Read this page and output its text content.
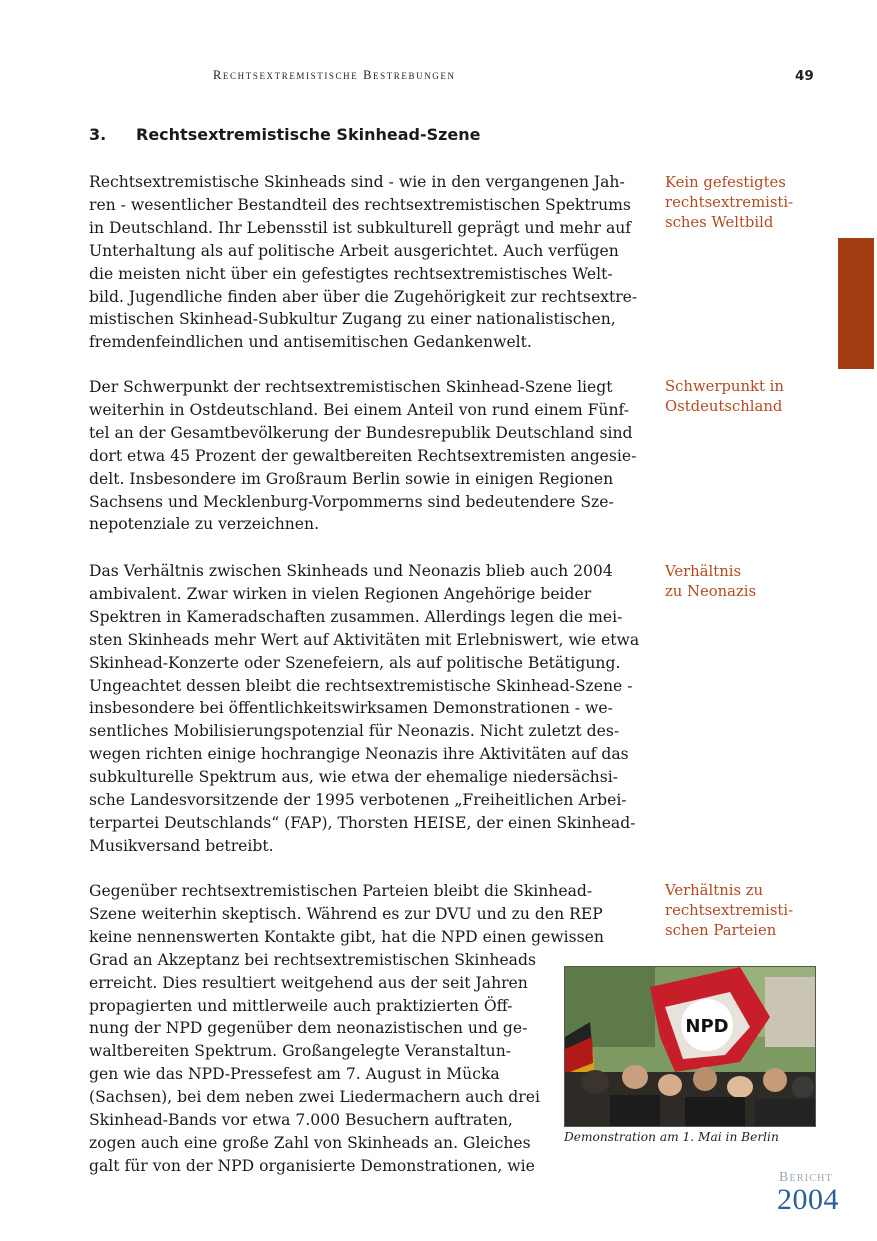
Rechtsextremistische Bestrebungen	49
3. Rechtsextremistische Skinhead-Szene

Rechtsextremistische Skinheads sind - wie in den vergangenen Jah-
ren - wesentlicher Bestandteil des rechtsextremistischen Spektrums
in Deutschland. Ihr Lebensstil ist subkulturell geprägt und mehr auf
Unterhaltung als auf politische Arbeit ausgerichtet. Auch verfügen
die meisten nicht über ein gefestigtes rechtsextremistisches Welt-
bild. Jugendliche finden aber über die Zugehörigkeit zur rechtsextre-
mistischen Skinhead-Subkultur Zugang zu einer nationalistischen,
fremdenfeindlichen und antisemitischen Gedankenwelt.

Der Schwerpunkt der rechtsextremistischen Skinhead-Szene liegt
weiterhin in Ostdeutschland. Bei einem Anteil von rund einem Fünf-
tel an der Gesamtbevölkerung der Bundesrepublik Deutschland sind
dort etwa 45 Prozent der gewaltbereiten Rechtsextremisten angesie-
delt. Insbesondere im Großraum Berlin sowie in einigen Regionen
Sachsens und Mecklenburg-Vorpommerns sind bedeutendere Sze-
nepotenziale zu verzeichnen.

Das Verhältnis zwischen Skinheads und Neonazis blieb auch 2004
ambivalent. Zwar wirken in vielen Regionen Angehörige beider
Spektren in Kameradschaften zusammen. Allerdings legen die mei-
sten Skinheads mehr Wert auf Aktivitäten mit Erlebniswert, wie etwa
Skinhead-Konzerte oder Szenefeiern, als auf politische Betätigung.
Ungeachtet dessen bleibt die rechtsextremistische Skinhead-Szene -
insbesondere bei öffentlichkeitswirksamen Demonstrationen - we-
sentliches Mobilisierungspotenzial für Neonazis. Nicht zuletzt des-
wegen richten einige hochrangige Neonazis ihre Aktivitäten auf das
subkulturelle Spektrum aus, wie etwa der ehemalige niedersächsi-
sche Landesvorsitzende der 1995 verbotenen „Freiheitlichen Arbei-
terpartei Deutschlands“ (FAP), Thorsten HEISE, der einen Skinhead-
Musikversand betreibt.

Gegenüber rechtsextremistischen Parteien bleibt die Skinhead-
Szene weiterhin skeptisch. Während es zur DVU und zu den REP
keine nennenswerten Kontakte gibt, hat die NPD einen gewissen
Grad an Akzeptanz bei rechtsextremistischen Skinheads
erreicht. Dies resultiert weitgehend aus der seit Jahren
propagierten und mittlerweile auch praktizierten Öff-
nung der NPD gegenüber dem neonazistischen und ge-
waltbereiten Spektrum. Großangelegte Veranstaltun-
gen wie das NPD-Pressefest am 7. August in Mücka
(Sachsen), bei dem neben zwei Liedermachern auch drei
Skinhead-Bands vor etwa 7.000 Besuchern auftraten,
zogen auch eine große Zahl von Skinheads an. Gleiches
galt für von der NPD organisierte Demonstrationen, wie

Kein gefestigtes
rechtsextremisti-
sches Weltbild

Schwerpunkt in
Ostdeutschland

Verhältnis
zu Neonazis

Verhältnis zu
rechtsextremisti-
schen Parteien

NPD
Demonstration am 1. Mai in Berlin
Bericht
2004
